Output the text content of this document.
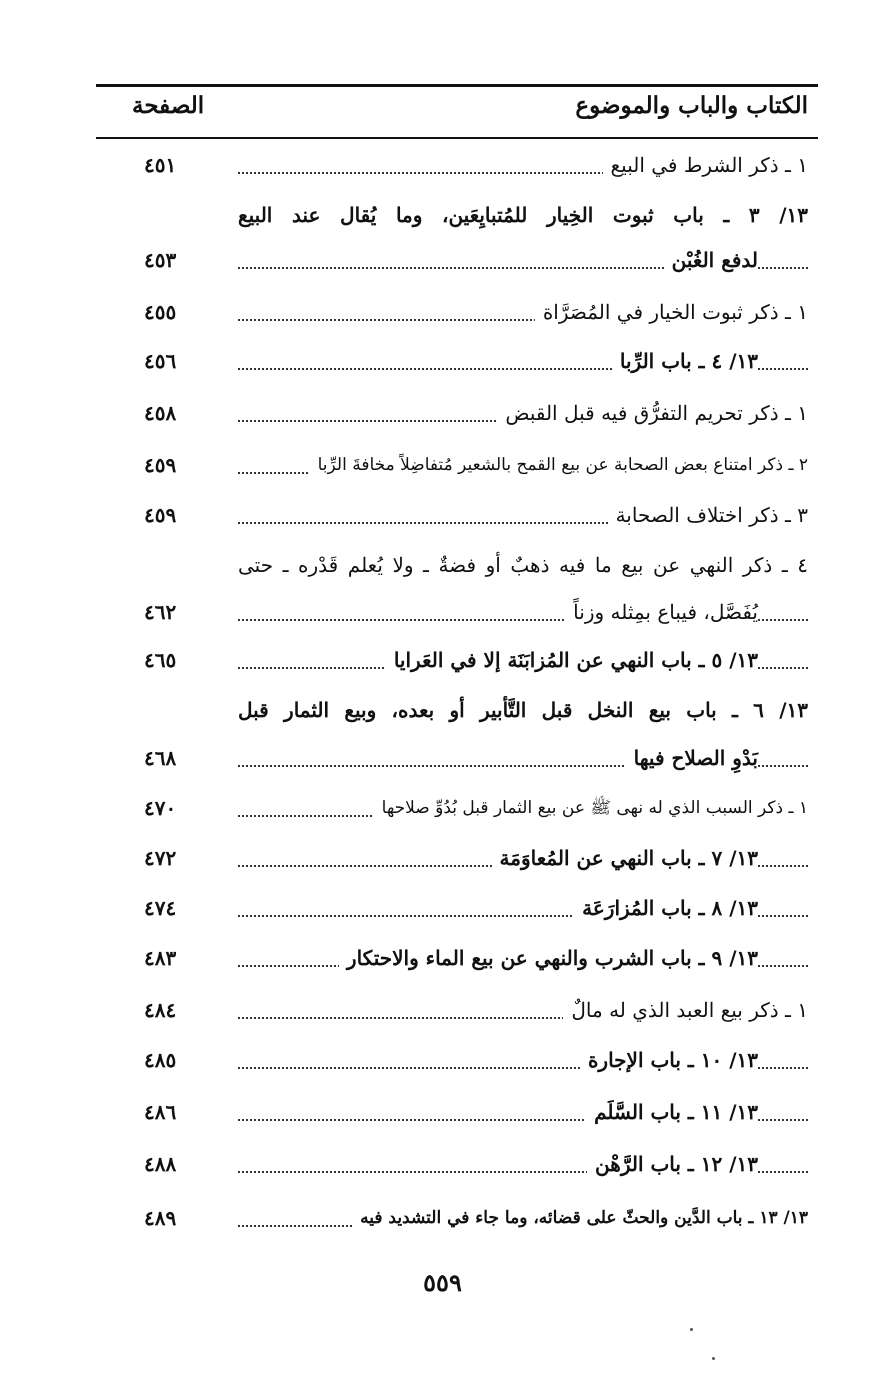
الكتاب والباب والموضوع
الصفحة
١ ـ ذكر الشرط في البيع
٤٥١
١٣/ ٣ ـ باب ثبوت الخِيار للمُتبايِعَين، وما يُقال عند البيع
لدفع الغُبْن
٤٥٣
١ ـ ذكر ثبوت الخيار في المُصَرَّاة
٤٥٥
١٣/ ٤ ـ باب الرِّبا
٤٥٦
١ ـ ذكر تحريم التفرُّق فيه قبل القبض
٤٥٨
٢ ـ ذكر امتناع بعض الصحابة عن بيع القمح بالشعير مُتفاضِلاً مخافةَ الرِّبا
٤٥٩
٣ ـ ذكر اختلاف الصحابة
٤٥٩
٤ ـ ذكر النهي عن بيع ما فيه ذهبٌ أو فضةٌ ـ ولا يُعلم قَدْره ـ حتى
يُفَصَّل، فيباع بمِثله وزناً
٤٦٢
١٣/ ٥ ـ باب النهي عن المُزابَنَة إلا في العَرايا
٤٦٥
١٣/ ٦ ـ باب بيع النخل قبل التَّأبير أو بعده، وبيع الثمار قبل
بَدْوِ الصلاح فيها
٤٦٨
١ ـ ذكر السبب الذي له نهى ﷺ عن بيع الثمار قبل بُدُوِّ صلاحها
٤٧٠
١٣/ ٧ ـ باب النهي عن المُعاوَمَة
٤٧٢
١٣/ ٨ ـ باب المُزارَعَة
٤٧٤
١٣/ ٩ ـ باب الشرب والنهي عن بيع الماء والاحتكار
٤٨٣
١ ـ ذكر بيع العبد الذي له مالٌ
٤٨٤
١٣/ ١٠ ـ باب الإجارة
٤٨٥
١٣/ ١١ ـ باب السَّلَم
٤٨٦
١٣/ ١٢ ـ باب الرَّهْن
٤٨٨
١٣/ ١٣ ـ باب الدَّين والحثّ على قضائه، وما جاء في التشديد فيه
٤٨٩
٥٥٩
